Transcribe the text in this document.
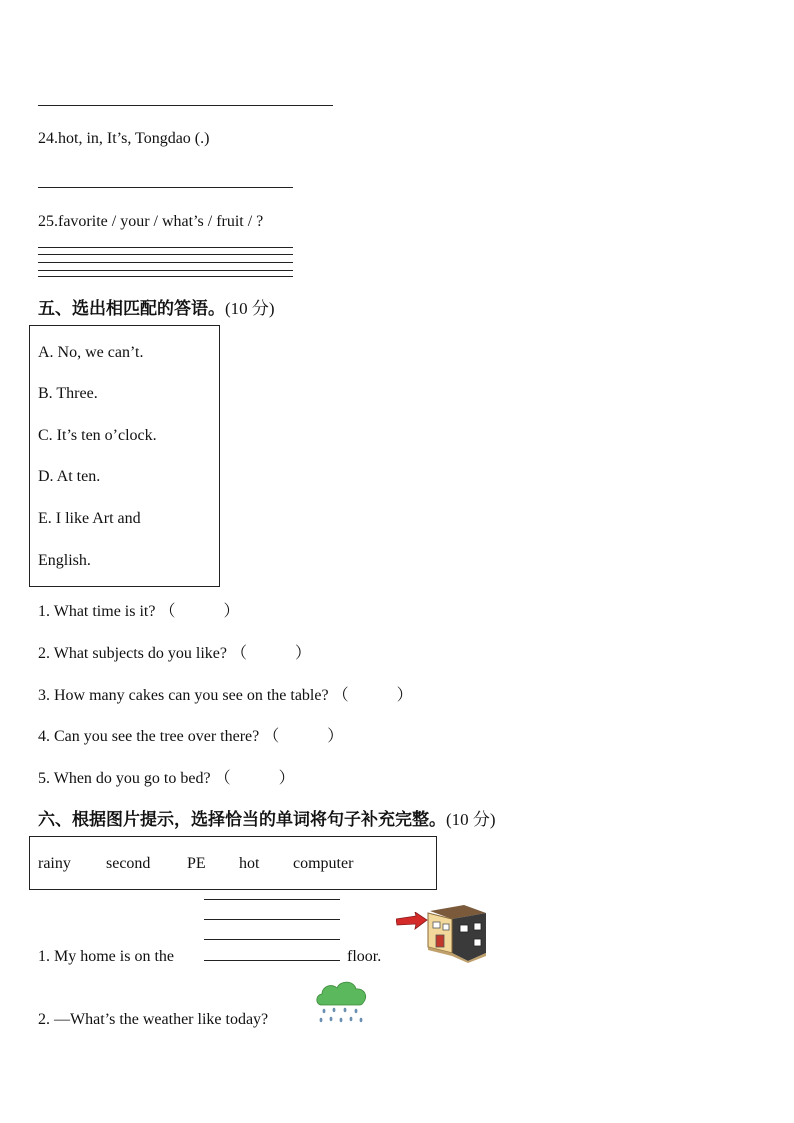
24.hot, in, It’s, Tongdao (.)
25.favorite / your / what’s / fruit / ?
五、选出相匹配的答语。(10 分)
A. No, we can’t.
B. Three.
C. It’s ten o’clock.
D. At ten.
E. I like Art and
English.
1. What time is it? （	）
2. What subjects do you like? （	）
3. How many cakes can you see on the table? （	）
4. Can you see the tree over there? （	）
5. When do you go to bed? （	）
六、根据图片提示，选择恰当的单词将句子补充完整。(10 分)
rainy second PE hot computer
1. My home is on the	floor.
2. —What’s the weather like today?
